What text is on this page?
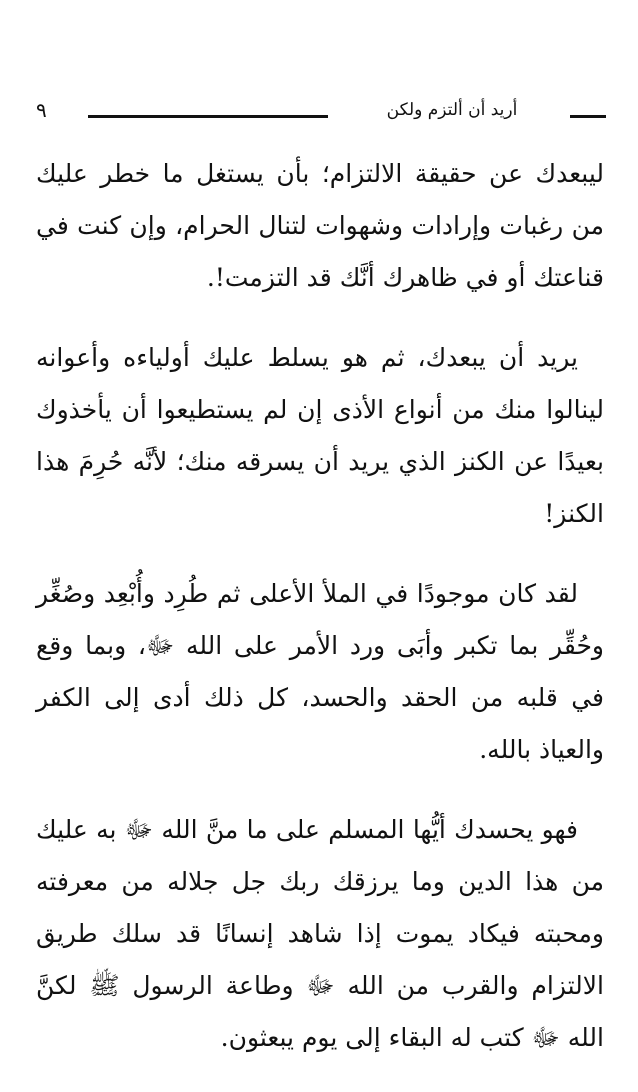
٩	أريد أن ألتزم ولكن

ليبعدك عن حقيقة الالتزام؛ بأن يستغل ما خطر عليك من رغبات وإرادات وشهوات لتنال الحرام، وإن كنت في قناعتك أو في ظاهرك أنَّك قد التزمت!.

يريد أن يبعدك، ثم هو يسلط عليك أولياءه وأعوانه لينالوا منك من أنواع الأذى إن لم يستطيعوا أن يأخذوك بعيدًا عن الكنز الذي يريد أن يسرقه منك؛ لأنَّه حُرِمَ هذا الكنز!

لقد كان موجودًا في الملأ الأعلى ثم طُرِد وأُبْعِد وصُغِّر وحُقِّر بما تكبر وأبَى ورد الأمر على الله ﷻ، وبما وقع في قلبه من الحقد والحسد، كل ذلك أدى إلى الكفر والعياذ بالله.

فهو يحسدك أيُّها المسلم على ما منَّ الله ﷻ به عليك من هذا الدين وما يرزقك ربك جل جلاله من معرفته ومحبته فيكاد يموت إذا شاهد إنسانًا قد سلك طريق الالتزام والقرب من الله ﷻ وطاعة الرسول ﷺ لكنَّ الله ﷻ كتب له البقاء إلى يوم يبعثون.
